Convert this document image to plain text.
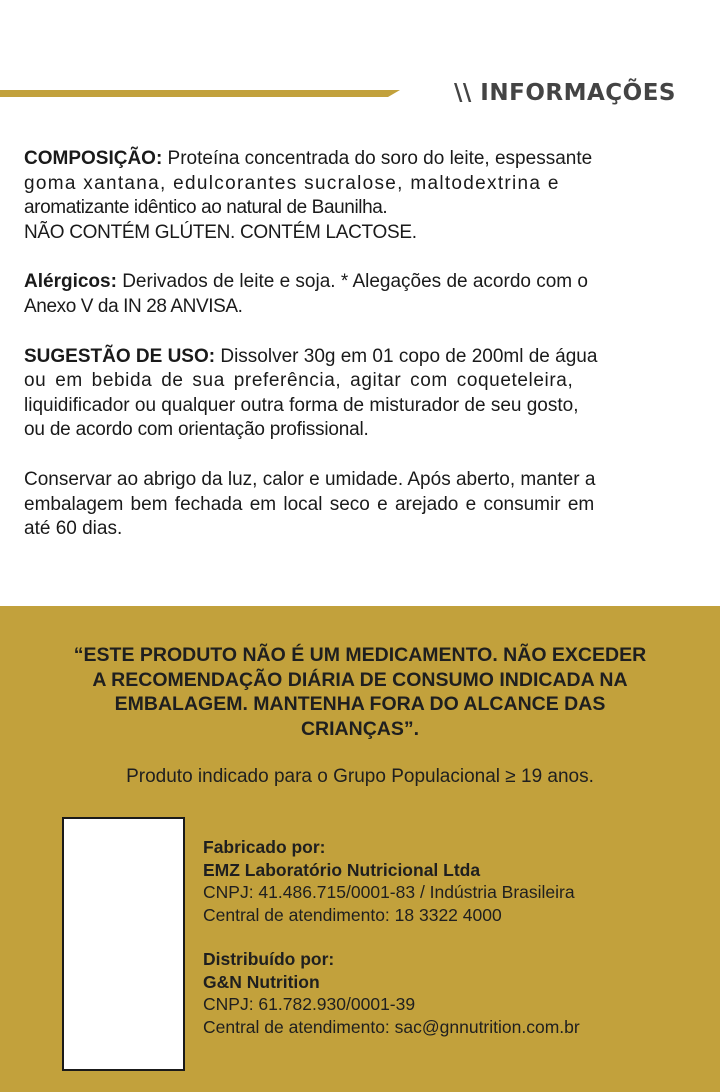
\\ INFORMAÇÕES

COMPOSIÇÃO: Proteína concentrada do soro do leite, espessante
goma xantana, edulcorantes sucralose, maltodextrina e
aromatizante idêntico ao natural de Baunilha.
NÃO CONTÉM GLÚTEN. CONTÉM LACTOSE.

Alérgicos: Derivados de leite e soja. * Alegações de acordo com o
Anexo V da IN 28 ANVISA.

SUGESTÃO DE USO: Dissolver 30g em 01 copo de 200ml de água
ou em bebida de sua preferência, agitar com coqueteleira,
liquidificador ou qualquer outra forma de misturador de seu gosto,
ou de acordo com orientação profissional.

Conservar ao abrigo da luz, calor e umidade. Após aberto, manter a
embalagem bem fechada em local seco e arejado e consumir em
até 60 dias.

“ESTE PRODUTO NÃO É UM MEDICAMENTO. NÃO EXCEDER
A RECOMENDAÇÃO DIÁRIA DE CONSUMO INDICADA NA
EMBALAGEM. MANTENHA FORA DO ALCANCE DAS
CRIANÇAS”.
Produto indicado para o Grupo Populacional ≥ 19 anos.
Fabricado por:
EMZ Laboratório Nutricional Ltda
CNPJ: 41.486.715/0001-83 / Indústria Brasileira
Central de atendimento: 18 3322 4000
Distribuído por:
G&N Nutrition
CNPJ: 61.782.930/0001-39
Central de atendimento: sac@gnnutrition.com.br
